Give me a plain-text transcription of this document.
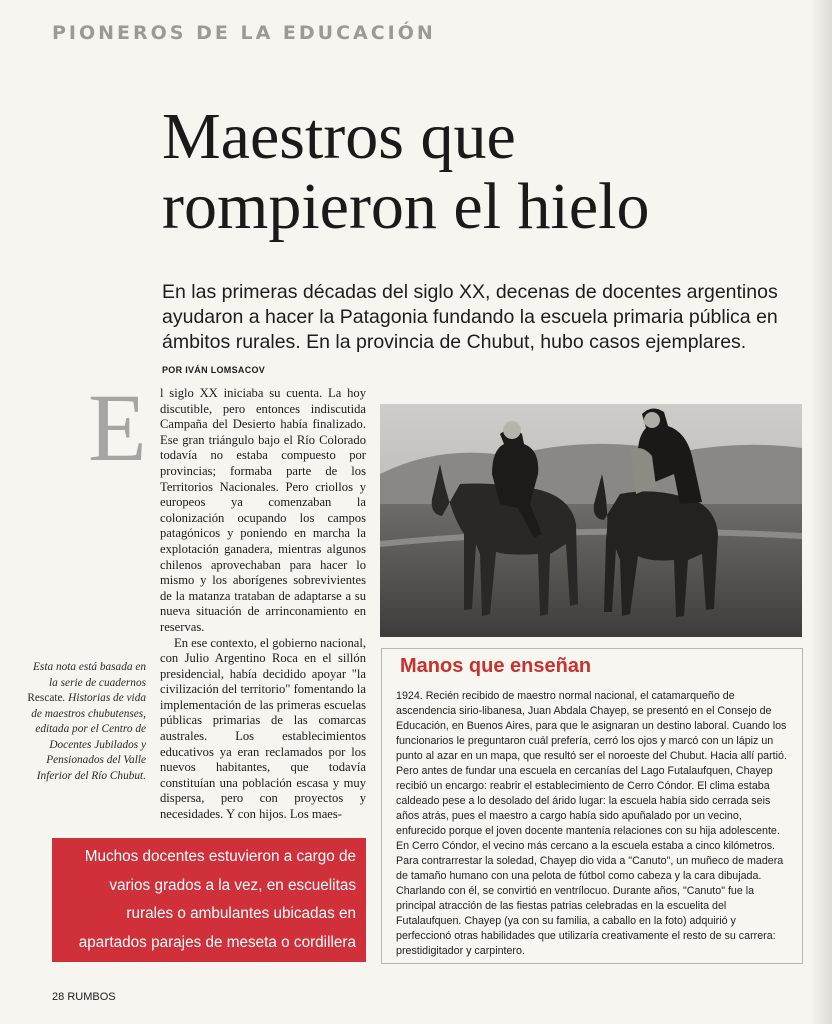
PIONEROS DE LA EDUCACIÓN
Maestros que rompieron el hielo
En las primeras décadas del siglo XX, decenas de docentes argentinos ayudaron a hacer la Patagonia fundando la escuela primaria pública en ámbitos rurales. En la provincia de Chubut, hubo casos ejemplares. POR IVÁN LOMSACOV
E l siglo XX iniciaba su cuenta. La hoy discutible, pero entonces indiscutida Campaña del Desierto había finalizado. Ese gran triángulo bajo el Río Colorado todavía no estaba compuesto por provincias; formaba parte de los Territorios Nacionales. Pero criollos y europeos ya comenzaban la colonización ocupando los campos patagónicos y poniendo en marcha la explotación ganadera, mientras algunos chilenos aprovechaban para hacer lo mismo y los aborígenes sobrevivientes de la matanza trataban de adaptarse a su nueva situación de arrinconamiento en reservas.

En ese contexto, el gobierno nacional, con Julio Argentino Roca en el sillón presidencial, había decidido apoyar "la civilización del territorio" fomentando la implementación de las primeras escuelas públicas primarias de las comarcas australes. Los establecimientos educativos ya eran reclamados por los nuevos habitantes, que todavía constituían una población escasa y muy dispersa, pero con proyectos y necesidades. Y con hijos. Los maes-

Esta nota está basada en la serie de cuadernos Rescate. Historias de vida de maestros chubutenses, editada por el Centro de Docentes Jubilados y Pensionados del Valle Inferior del Río Chubut.
Manos que enseñan

1924. Recién recibido de maestro normal nacional, el catamarqueño de ascendencia sirio-libanesa, Juan Abdala Chayep, se presentó en el Consejo de Educación, en Buenos Aires, para que le asignaran un destino laboral. Cuando los funcionarios le preguntaron cuál prefería, cerró los ojos y marcó con un lápiz un punto al azar en un mapa, que resultó ser el noroeste del Chubut. Hacia allí partió.

Pero antes de fundar una escuela en cercanías del Lago Futalaufquen, Chayep recibió un encargo: reabrir el establecimiento de Cerro Cóndor. El clima estaba caldeado pese a lo desolado del árido lugar: la escuela había sido cerrada seis años atrás, pues el maestro a cargo había sido apuñalado por un vecino, enfurecido porque el joven docente mantenía relaciones con su hija adolescente. En Cerro Cóndor, el vecino más cercano a la escuela estaba a cinco kilómetros. Para contrarrestar la soledad, Chayep dio vida a "Canuto", un muñeco de madera de tamaño humano con una pelota de fútbol como cabeza y la cara dibujada. Charlando con él, se convirtió en ventrílocuo. Durante años, "Canuto" fue la principal atracción de las fiestas patrias celebradas en la escuelita del Futalaufquen. Chayep (ya con su familia, a caballo en la foto) adquirió y perfeccionó otras habilidades que utilizaría creativamente el resto de su carrera: prestidigitador y carpintero.

Muchos docentes estuvieron a cargo de
varios grados a la vez, en escuelitas
rurales o ambulantes ubicadas en
apartados parajes de meseta o cordillera
28 RUMBOS
